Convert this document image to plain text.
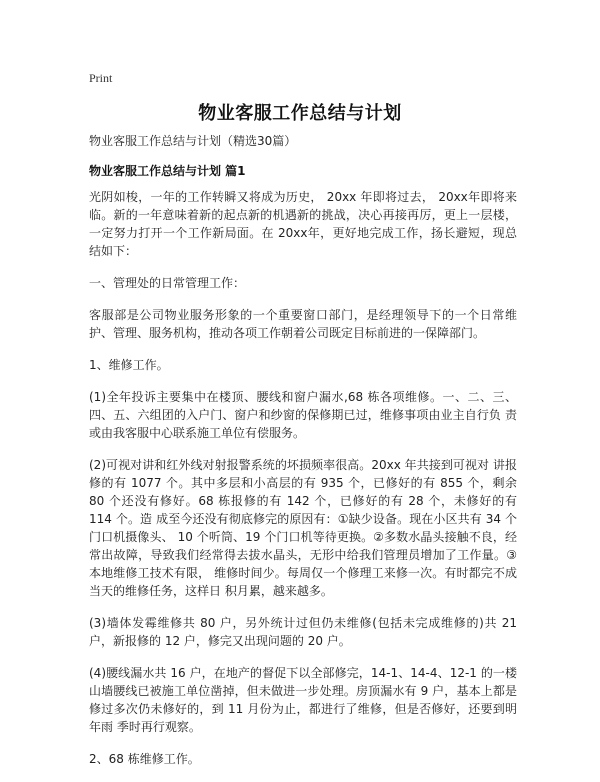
Print
物业客服工作总结与计划

物业客服工作总结与计划（精选30篇）

物业客服工作总结与计划 篇1

光阴如梭，一年的工作转瞬又将成为历史， 20xx 年即将过去， 20xx年即将来临。新的一年意味着新的起点新的机遇新的挑战，决心再接再厉，更上一层楼，一定努力打开一个工作新局面。在 20xx年，更好地完成工作，扬长避短，现总结如下：

一、管理处的日常管理工作：

客服部是公司物业服务形象的一个重要窗口部门，是经理领导下的一个日常维 护、管理、服务机构，推动各项工作朝着公司既定目标前进的一保障部门。

1、维修工作。

(1)全年投诉主要集中在楼顶、腰线和窗户漏水,68 栋各项维修。一、二、三、四、五、六组团的入户门、窗户和纱窗的保修期已过，维修事项由业主自行负 责或由我客服中心联系施工单位有偿服务。

(2)可视对讲和红外线对射报警系统的坏损频率很高。20xx 年共接到可视对 讲报修的有 1077 个。其中多层和小高层的有 935 个，已修好的有 855 个，剩余 80 个还没有修好。68 栋报修的有 142 个，已修好的有 28 个，未修好的有 114 个。造 成至今还没有彻底修完的原因有：①缺少设备。现在小区共有 34 个门口机摄像头、 10 个听筒、19 个门口机等待更换。②多数水晶头接触不良，经常出故障，导致我们经常得去拔水晶头，无形中给我们管理员增加了工作量。③本地维修工技术有限， 维修时间少。每周仅一个修理工来修一次。有时都完不成当天的维修任务，这样日 积月累，越来越多。

(3)墙体发霉维修共 80 户，另外统计过但仍未维修(包括未完成维修的)共 21 户，新报修的 12 户，修完又出现问题的 20 户。

(4)腰线漏水共 16 户，在地产的督促下以全部修完，14-1、14-4、12-1 的一楼山墙腰线已被施工单位凿掉，但未做进一步处理。房顶漏水有 9 户，基本上都是 修过多次仍未修好的，到 11 月份为止，都进行了维修，但是否修好，还要到明年雨 季时再行观察。

2、68 栋维修工作。
